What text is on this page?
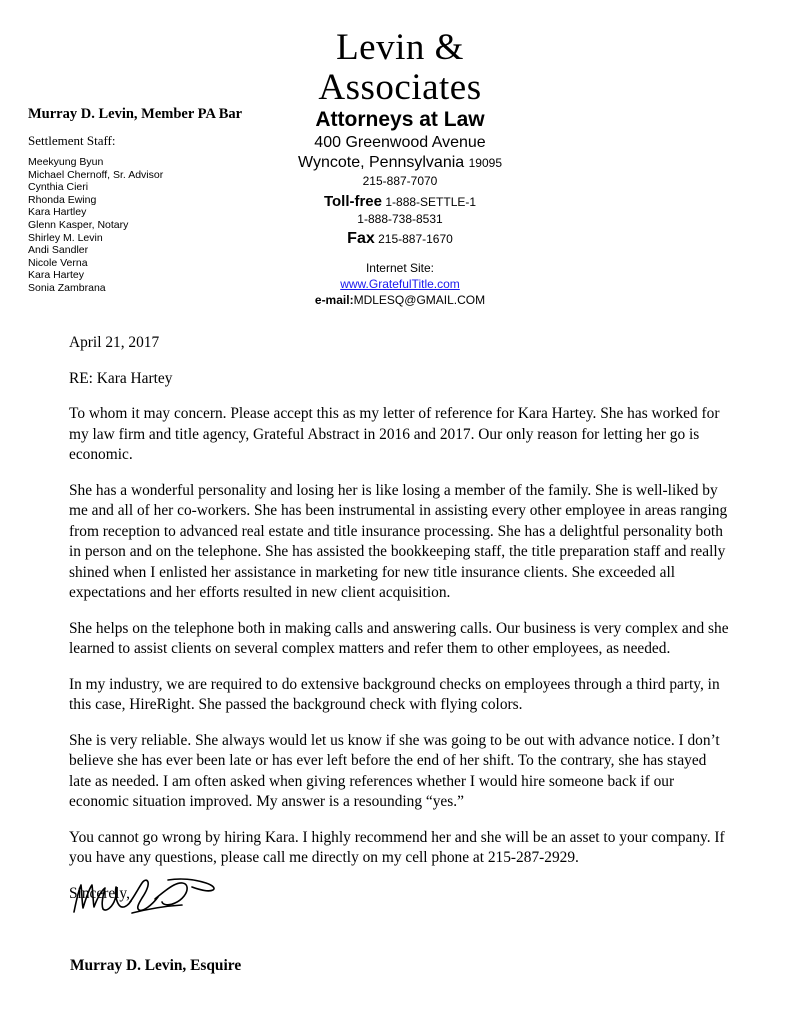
Levin &
Associates
Attorneys at Law
400 Greenwood Avenue
Wyncote, Pennsylvania 19095
215-887-7070
Toll-free 1-888-SETTLE-1
1-888-738-8531
Fax 215-887-1670
Internet Site:
www.GratefulTitle.com
e-mail:MDLESQ@GMAIL.COM
Murray D. Levin, Member PA Bar
Settlement Staff:
Meekyung Byun
Michael Chernoff, Sr. Advisor
Cynthia Cieri
Rhonda Ewing
Kara Hartley
Glenn Kasper, Notary
Shirley M. Levin
Andi Sandler
Nicole Verna
Kara Hartey
Sonia Zambrana

April 21, 2017

RE: Kara Hartey

To whom it may concern. Please accept this as my letter of reference for Kara Hartey. She has worked for my law firm and title agency, Grateful Abstract in 2016 and 2017. Our only reason for letting her go is economic.

She has a wonderful personality and losing her is like losing a member of the family. She is well-liked by me and all of her co-workers. She has been instrumental in assisting every other employee in areas ranging from reception to advanced real estate and title insurance processing. She has a delightful personality both in person and on the telephone. She has assisted the bookkeeping staff, the title preparation staff and really shined when I enlisted her assistance in marketing for new title insurance clients. She exceeded all expectations and her efforts resulted in new client acquisition.

She helps on the telephone both in making calls and answering calls. Our business is very complex and she learned to assist clients on several complex matters and refer them to other employees, as needed.

In my industry, we are required to do extensive background checks on employees through a third party, in this case, HireRight. She passed the background check with flying colors.

She is very reliable. She always would let us know if she was going to be out with advance notice. I don’t believe she has ever been late or has ever left before the end of her shift. To the contrary, she has stayed late as needed. I am often asked when giving references whether I would hire someone back if our economic situation improved. My answer is a resounding “yes.”

You cannot go wrong by hiring Kara. I highly recommend her and she will be an asset to your company. If you have any questions, please call me directly on my cell phone at 215-287-2929.

Sincerely,

Murray D. Levin, Esquire
